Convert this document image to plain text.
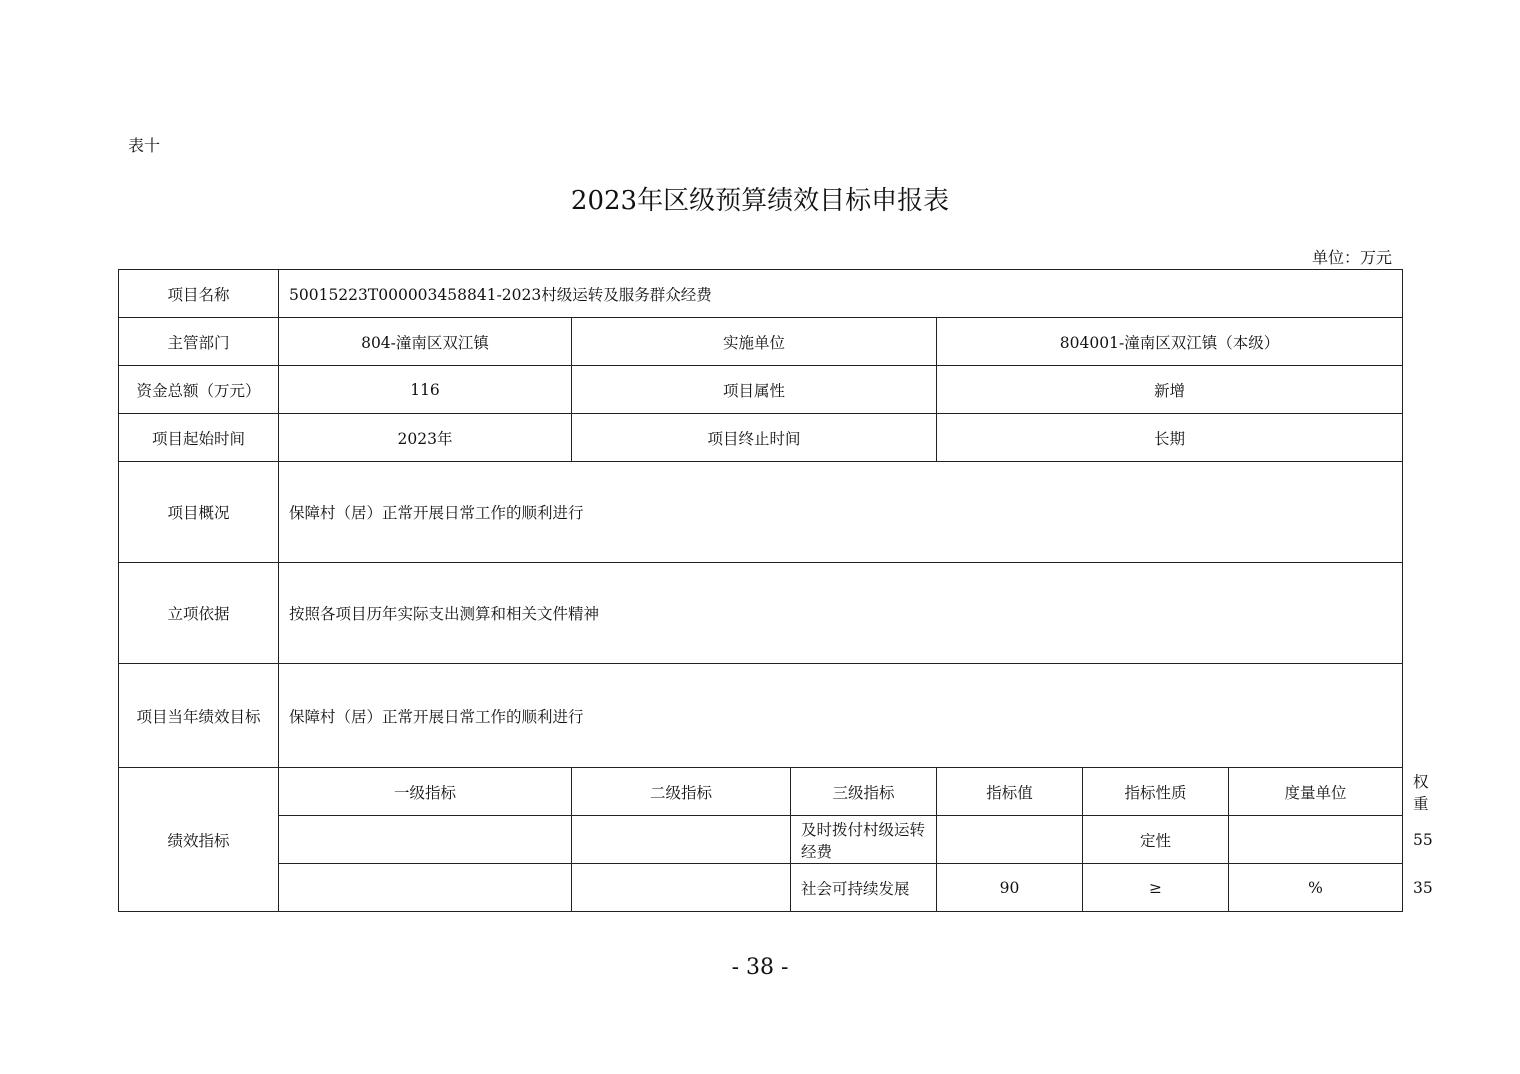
表十
2023年区级预算绩效目标申报表
单位：万元
项目名称	50015223T000003458841-2023村级运转及服务群众经费						
主管部门	804-潼南区双江镇	实施单位		804001-潼南区双江镇（本级）			
资金总额（万元）	116	项目属性		新增			
项目起始时间	2023年	项目终止时间		长期			
项目概况	保障村（居）正常开展日常工作的顺利进行						
立项依据	按照各项目历年实际支出测算和相关文件精神						
项目当年绩效目标	保障村（居）正常开展日常工作的顺利进行						
绩效指标	一级指标	二级指标	三级指标	指标值	指标性质	度量单位	权重
			及时拨付村级运转经费		定性		55
			社会可持续发展	90	≥	%	35
- 38 -
